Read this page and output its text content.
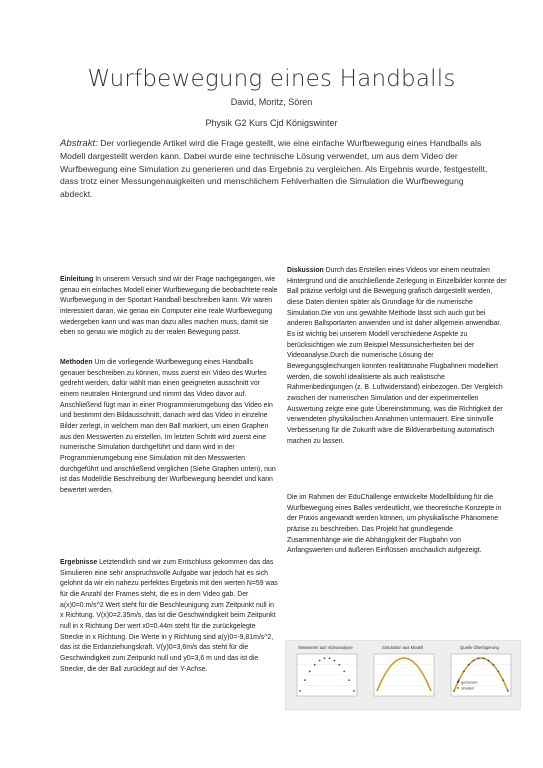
Wurfbewegung eines Handballs
David, Moritz, Sören
Physik G2 Kurs Cjd Königswinter
Abstrakt: Der vorliegende Artikel wird die Frage gestellt, wie eine einfache Wurfbewegung eines Handballs als Modell dargestellt werden kann. Dabei wurde eine technische Lösung verwendet, um aus dem Video der Wurfbewegung eine Simulation zu generieren und das Ergebnis zu vergleichen. Als Ergebnis wurde, festgestellt, dass trotz einer Messungenauigkeiten und menschlichem Fehlverhalten die Simulation die Wurfbewegung abdeckt.
Einleitung In unserem Versuch sind wir der Frage nachgegangen, wie genau ein einfaches Modell einer Wurfbewegung die beobachtete reale Wurfbewegung in der Sportart Handball beschreiben kann. Wir waren interessiert daran, wie genau ein Computer eine reale Wurfbewegung wiedergeben kann und was man dazu alles machen muss, damit sie eben so genau wie möglich zu der realen Bewegung passt.
Methoden Um die vorliegende Wurfbewegung eines Handballs genauer beschreiben zu können, muss zuerst ein Video des Wurfes gedreht werden, dafür wählt man einen geeigneten ausschnitt vor einem neutralen Hintergrund und nimmt das Video davor auf. Anschließend fügt man in einer Programmierumgebung das Video ein und bestimmt den Bildausschnitt, danach wird das Video in einzelne Bilder zerlegt, in welchem man den Ball markiert, um einen Graphen aus den Messwerten zu erstellen. Im letzten Schritt wird zuerst eine numerische Simulation durchgeführt und dann wird in der Programmierumgebung eine Simulation mit den Messwerten durchgeführt und anschließend verglichen (Siehe Graphen unten), nun ist das Model/die Beschreibung der Wurfbewegung beendet und kann bewertet werden.
Ergebnisse Letztendlich sind wir zum Entschluss gekommen das das Simulieren eine sehr anspruchsvolle Aufgabe war jedoch hat es sich gelohnt da wir ein nahezu perfektes Ergebnis mit den werten N=59 was für die Anzahl der Frames steht, die es in dem Video gab. Der a(x)0=0.m/s^2 Wert steht für die Beschleunigung zum Zeitpunkt null in x Richtung. V(x)0=2.35m/s, das ist die Geschwindigkeit beim Zeitpunkt null in x Richtung Der wert x0=0.44m steht für die zurückgelegte Strecke in x Richtung. Die Werte in y Richtung sind a(y)0=-9,81m/s^2, das ist die Erdanziehungskraft. V(y)0=3,6m/s das steht für die Geschwindigkeit zum Zeitpunkt null und y0=3,6 m und das ist die Strecke, die der Ball zurücklegt auf der Y-Achse.
Diskussion Durch das Erstellen eines Videos vor einem neutralen Hintergrund und die anschließende Zerlegung in Einzelbilder konnte der Ball präzise verfolgt und die Bewegung grafisch dargestellt werden, diese Daten dienten später als Grundlage für die numerische Simulation.Die von uns gewählte Methode lässt sich auch gut bei anderen Ballsportarten anwenden und ist daher allgemein anwendbar. Es ist wichtig bei unserem Modell verschiedene Aspekte zu berücksichtigen wie zum Beispiel Messunsicherheiten bei der Videoanalyse.Durch die numerische Lösung der Bewegungsgleichungen konnten realitätsnahe Flugbahnen modelliert werden, die sowohl idealisierte als auch realistische Rahmenbedingungen (z. B. Luftwiderstand) einbezogen. Der Vergleich zwischen der numerischen Simulation und der experimentellen Auswertung zeigte eine gute Übereinstimmung, was die Richtigkeit der verwendeten physikalischen Annahmen untermauert. Eine sinnvolle Verbesserung für die Zukunft wäre die Bildverarbeitung automatisch machen zu lassen.
Die im Rahmen der EduChallenge entwickelte Modellbildung für die Wurfbewegung eines Balles verdeutlicht, wie theoretische Konzepte in der Praxis angewandt werden können, um physikalische Phänomene präzise zu beschreiben. Das Projekt hat grundlegende Zusammenhänge wie die Abhängigkeit der Flugbahn von Anfangswerten und äußeren Einflüssen anschaulich aufgezeigt.
Messwerte aus Videoanalyse	Simulation aus Modell	Quelle Überlagerung
gemessen
simuliert
